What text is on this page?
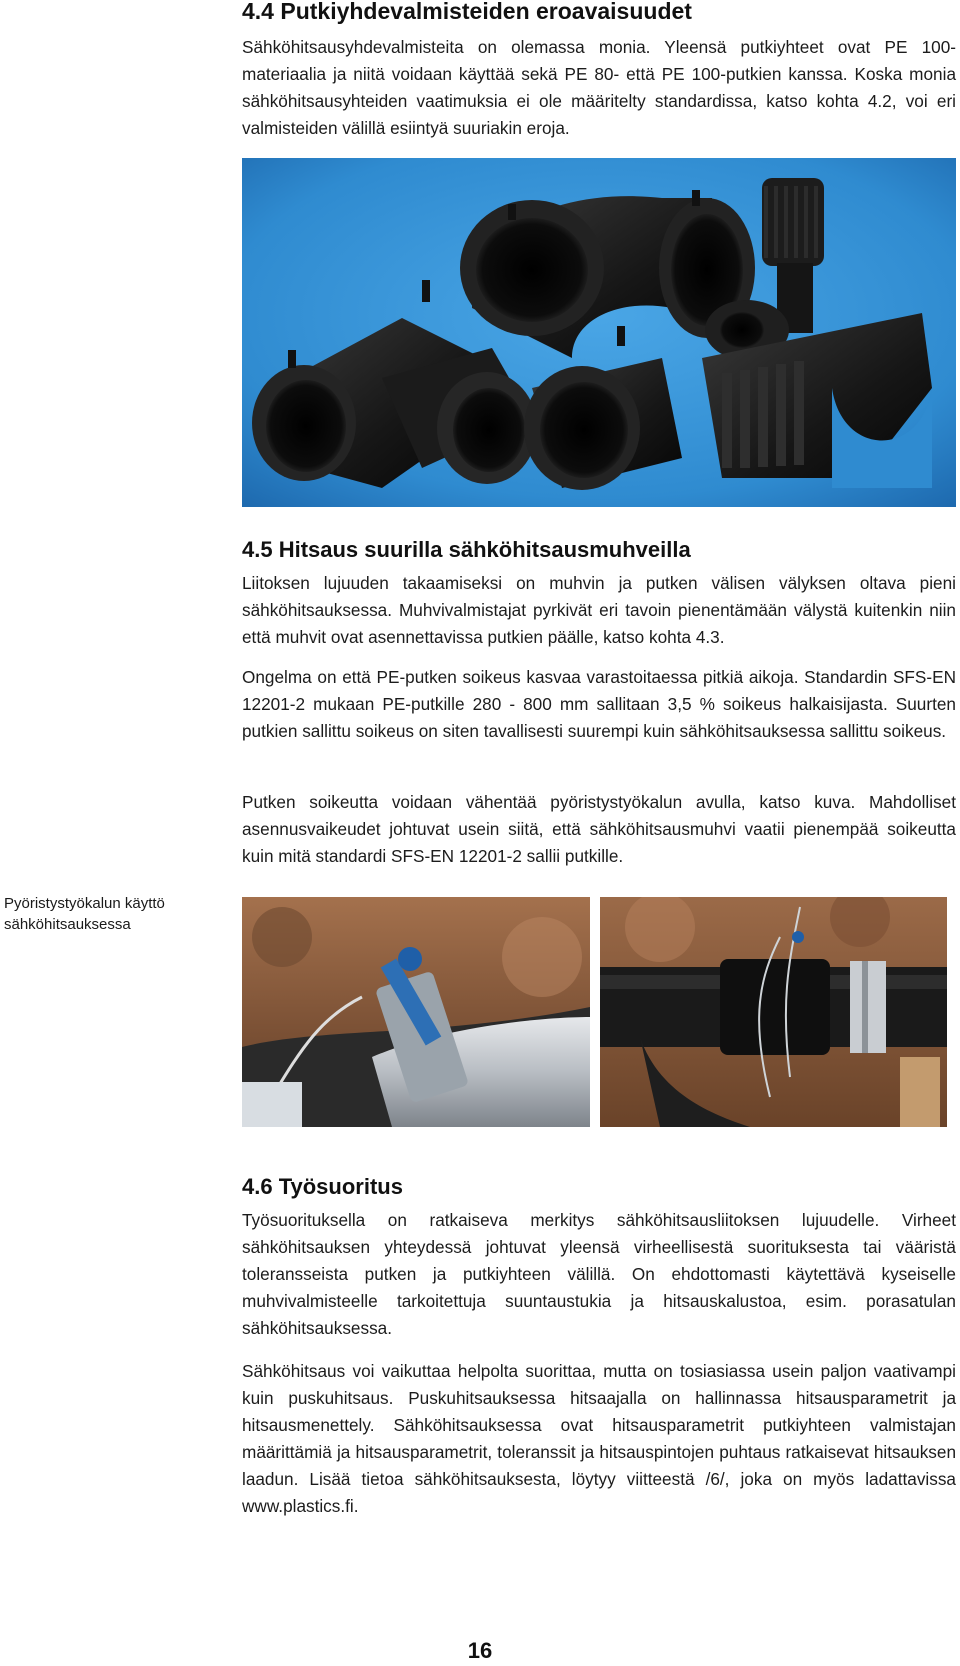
4.4 Putkiyhdevalmisteiden eroavaisuudet

Sähköhitsausyhdevalmisteita on olemassa monia. Yleensä putkiyhteet ovat PE 100-materiaalia ja niitä voidaan käyttää sekä PE 80- että PE 100-putkien kanssa. Koska monia sähköhitsausyhteiden vaatimuksia ei ole määritelty standardissa, katso kohta 4.2, voi eri valmisteiden välillä esiintyä suuriakin eroja.

4.5 Hitsaus suurilla sähköhitsausmuhveilla

Liitoksen lujuuden takaamiseksi on muhvin ja putken välisen välyksen oltava pieni sähköhitsauksessa. Muhvivalmistajat pyrkivät eri tavoin pienentämään välystä kuitenkin niin että muhvit ovat asennettavissa putkien päälle, katso kohta 4.3.

Ongelma on että PE-putken soikeus kasvaa varastoitaessa pitkiä aikoja. Standardin SFS-EN 12201-2 mukaan PE-putkille 280 - 800 mm sallitaan 3,5 % soikeus halkaisijasta. Suurten putkien sallittu soikeus on siten tavallisesti suurempi kuin sähköhitsauksessa sallittu soikeus.

Putken soikeutta voidaan vähentää pyöristystyökalun avulla, katso kuva. Mahdolliset asennusvaikeudet johtuvat usein siitä, että sähköhitsausmuhvi vaatii pienempää soikeutta kuin mitä standardi SFS-EN 12201-2 sallii putkille.

Pyöristystyökalun käyttö sähköhitsauksessa
4.6 Työsuoritus

Työsuorituksella on ratkaiseva merkitys sähköhitsausliitoksen lujuudelle. Virheet sähköhitsauksen yhteydessä johtuvat yleensä virheellisestä suorituksesta tai vääristä toleransseista putken ja putkiyhteen välillä. On ehdottomasti käytettävä kyseiselle muhvivalmisteelle tarkoitettuja suuntaustukia ja hitsauskalustoa, esim. porasatulan sähköhitsauksessa.

Sähköhitsaus voi vaikuttaa helpolta suorittaa, mutta on tosiasiassa usein paljon vaativampi kuin puskuhitsaus. Puskuhitsauksessa hitsaajalla on hallinnassa hitsausparametrit ja hitsausmenettely. Sähköhitsauksessa ovat hitsausparametrit putkiyhteen valmistajan määrittämiä ja hitsausparametrit, toleranssit ja hitsauspintojen puhtaus ratkaisevat hitsauksen laadun. Lisää tietoa sähköhitsauksesta, löytyy viitteestä /6/, joka on myös ladattavissa www.plastics.fi.

16
